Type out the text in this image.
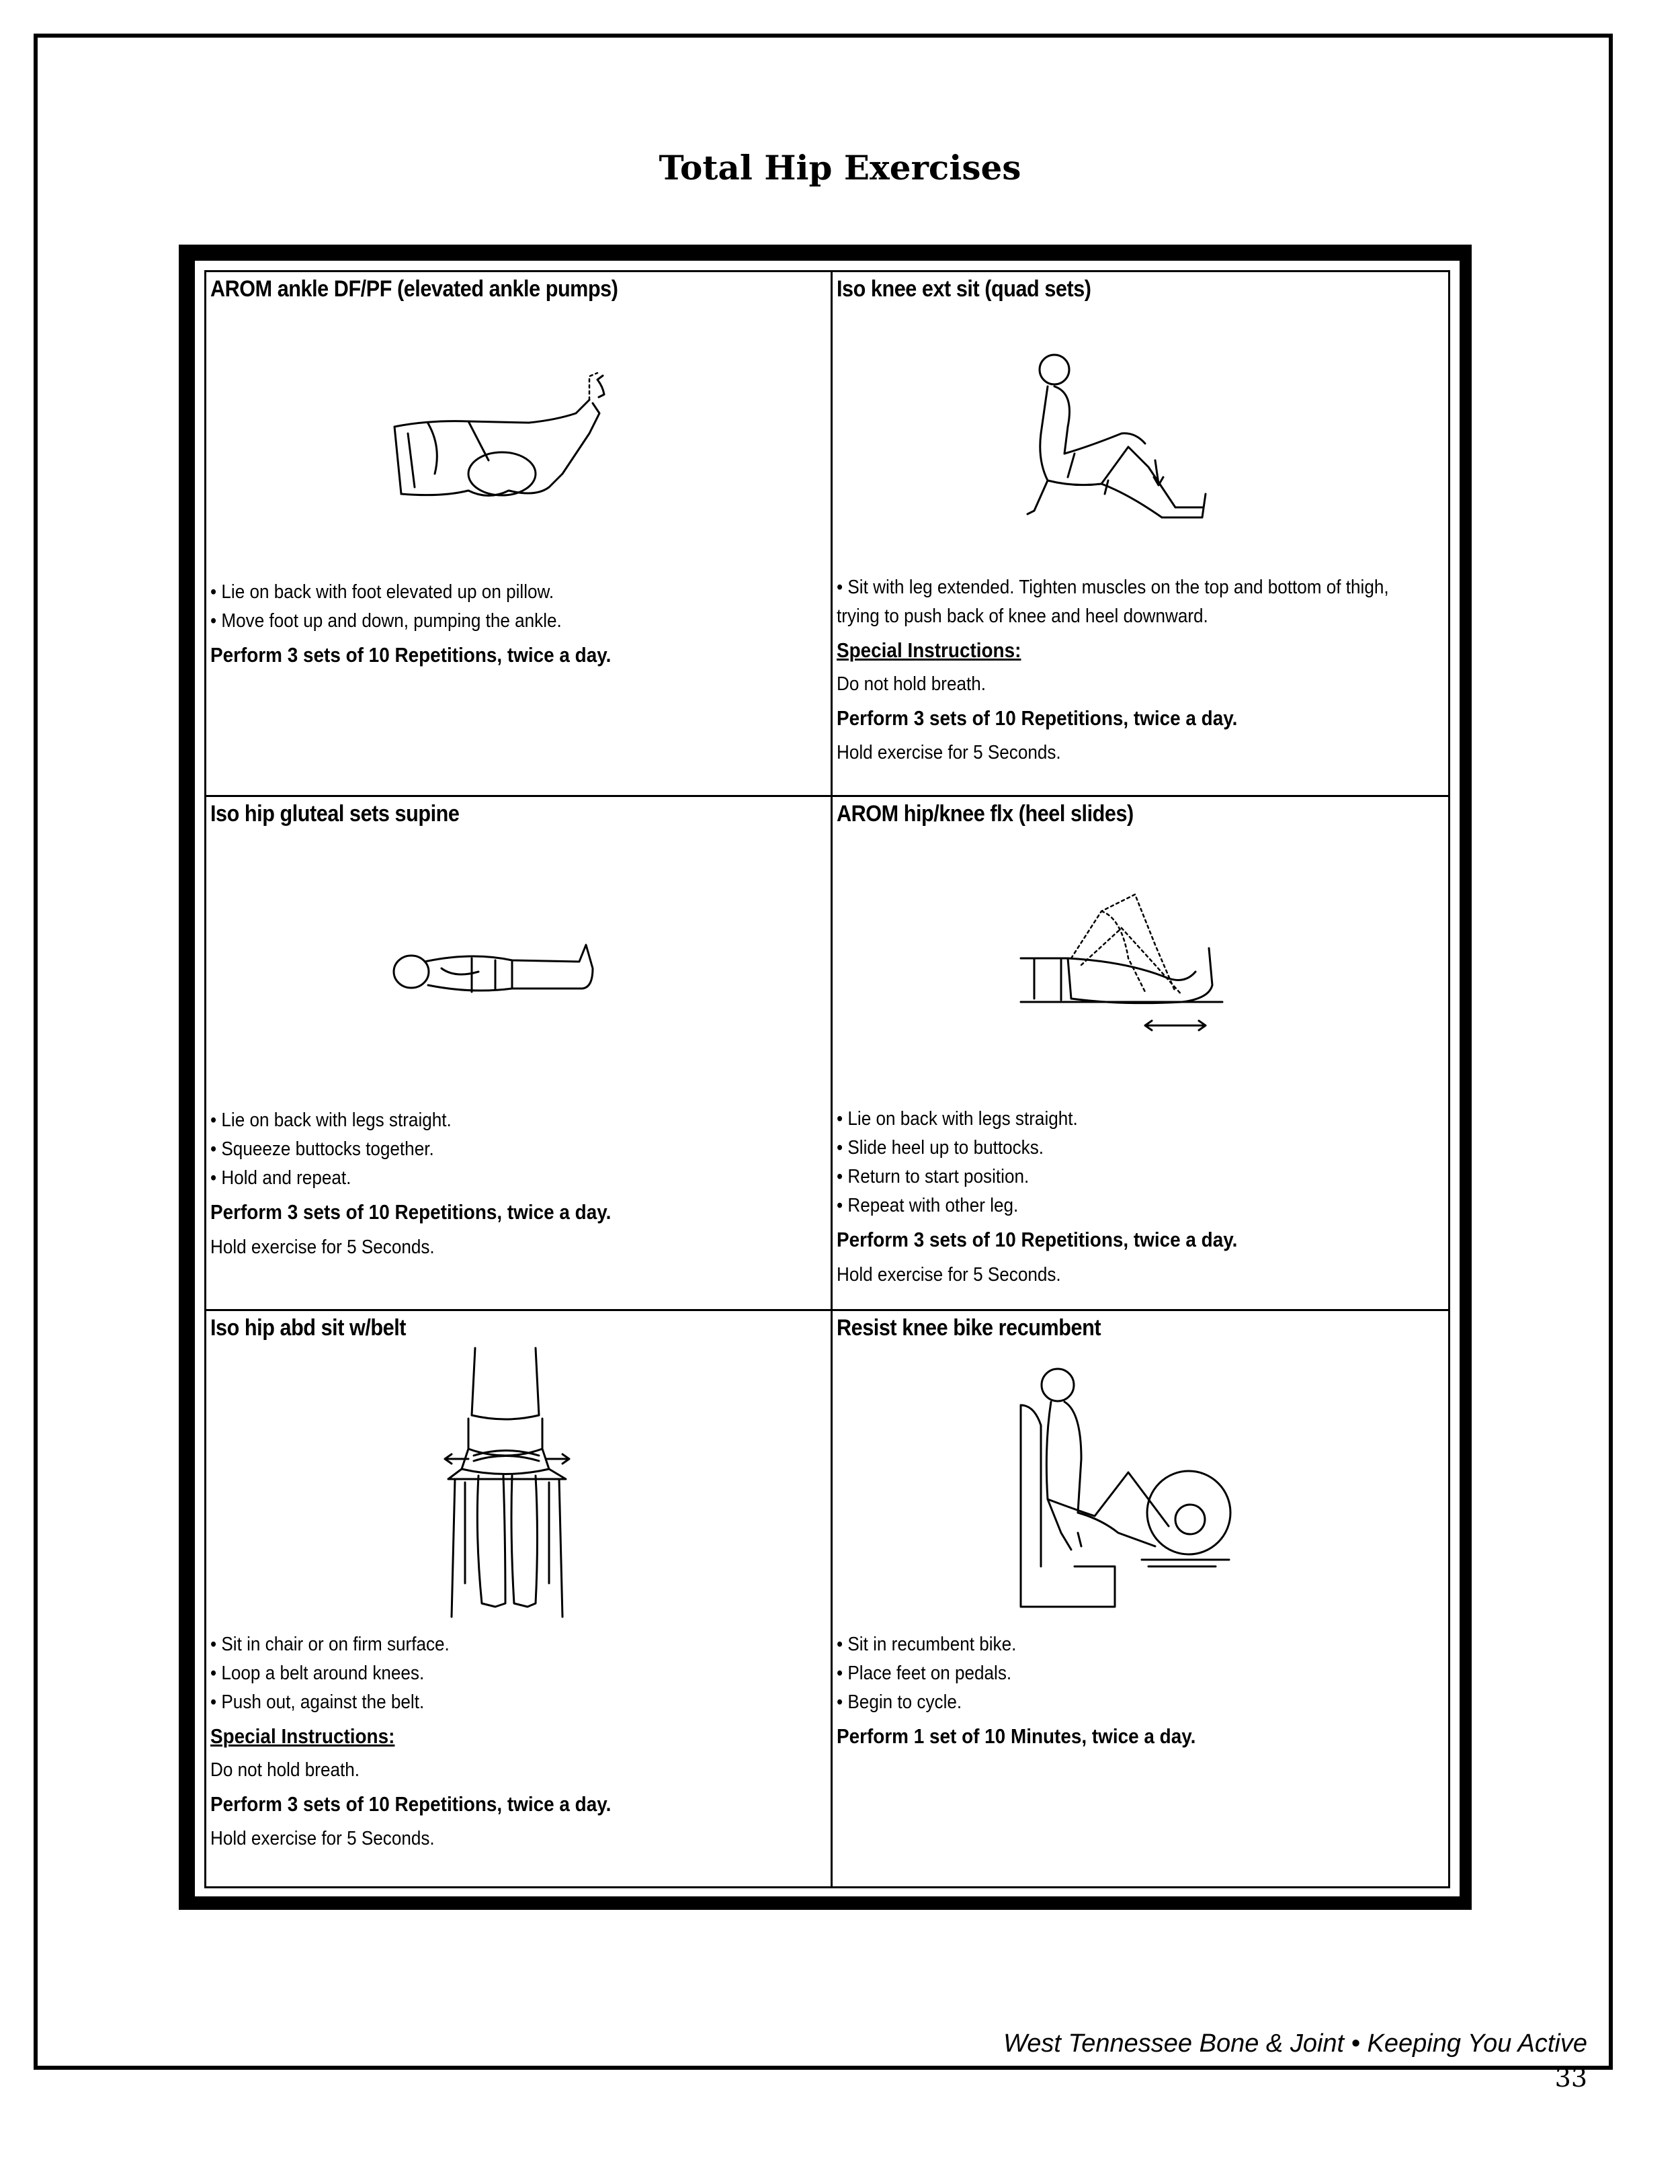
Total Hip Exercises
AROM ankle DF/PF (elevated ankle pumps)
• Lie on back with foot elevated up on pillow.
• Move foot up and down, pumping the ankle.
Perform 3 sets of 10 Repetitions, twice a day.
Iso knee ext sit (quad sets)
• Sit with leg extended. Tighten muscles on the top and bottom of thigh,
trying to push back of knee and heel downward.
Special Instructions:
Do not hold breath.
Perform 3 sets of 10 Repetitions, twice a day.
Hold exercise for 5 Seconds.
Iso hip gluteal sets supine
• Lie on back with legs straight.
• Squeeze buttocks together.
• Hold and repeat.
Perform 3 sets of 10 Repetitions, twice a day.
Hold exercise for 5 Seconds.
AROM hip/knee flx (heel slides)
• Lie on back with legs straight.
• Slide heel up to buttocks.
• Return to start position.
• Repeat with other leg.
Perform 3 sets of 10 Repetitions, twice a day.
Hold exercise for 5 Seconds.
Iso hip abd sit w/belt
• Sit in chair or on firm surface.
• Loop a belt around knees.
• Push out, against the belt.
Special Instructions:
Do not hold breath.
Perform 3 sets of 10 Repetitions, twice a day.
Hold exercise for 5 Seconds.
Resist knee bike recumbent
• Sit in recumbent bike.
• Place feet on pedals.
• Begin to cycle.
Perform 1 set of 10 Minutes, twice a day.
West Tennessee Bone & Joint • Keeping You Active
33
